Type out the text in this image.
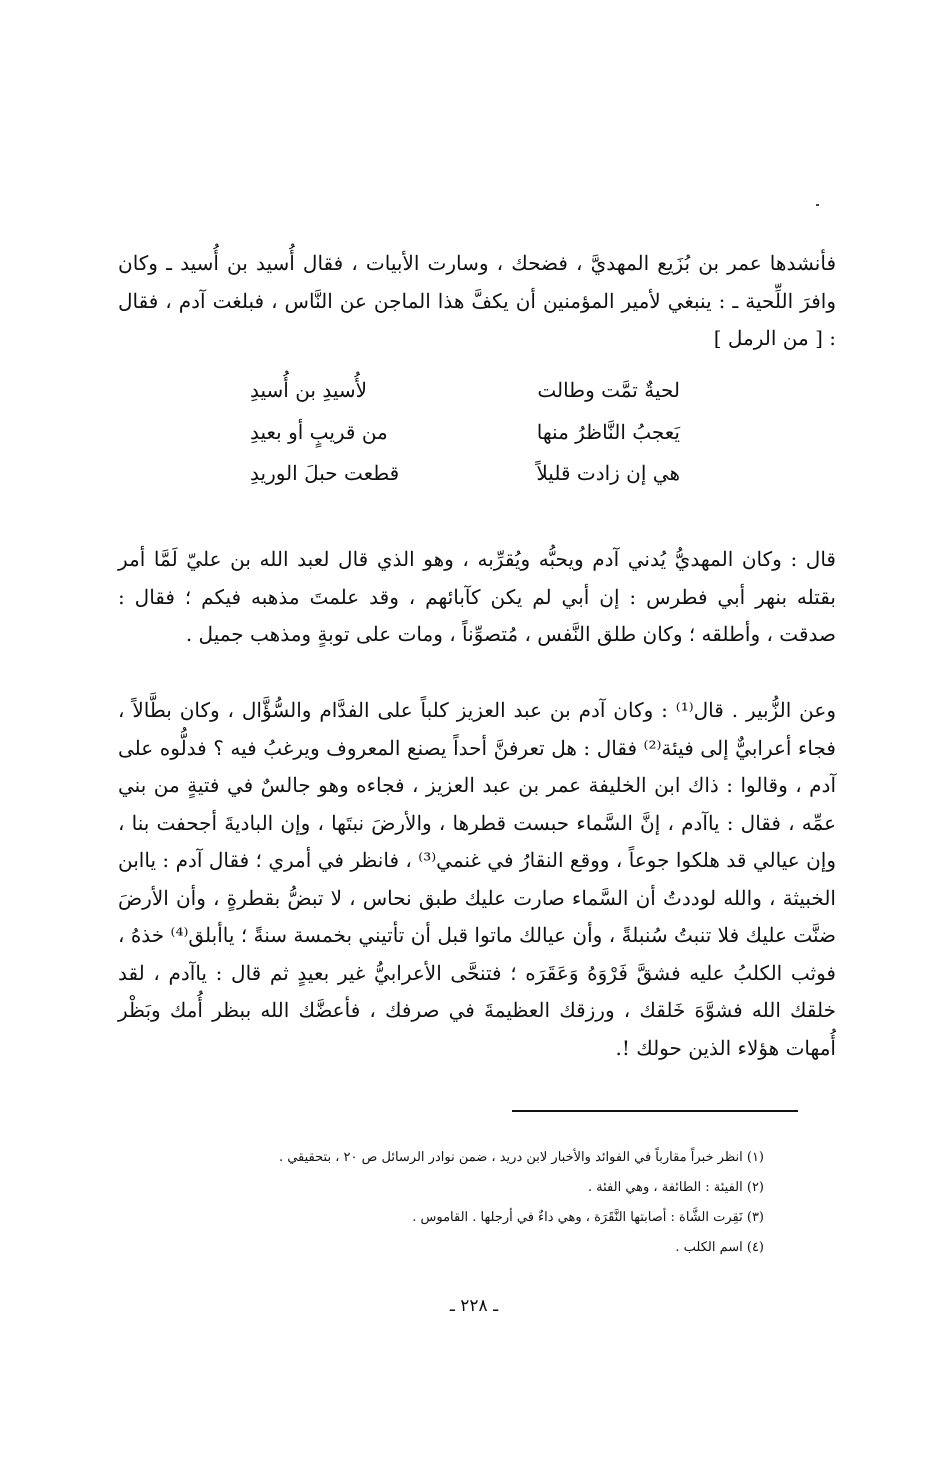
فأنشدها عمر بن بُزَيع المهديَّ ، فضحك ، وسارت الأبيات ، فقال أُسيد بن أُسيد ـ وكان وافرَ اللِّحية ـ : ينبغي لأمير المؤمنين أن يكفَّ هذا الماجن عن النَّاس ، فبلغت آدم ، فقال : [ من الرمل ]

لحيةٌ تمَّت وطالت
لأُسيدِ بن أُسيدِ
يَعجبُ النَّاظرُ منها
من قريبٍ أو بعيدِ
هي إن زادت قليلاً
قطعت حبلَ الوريدِ

قال : وكان المهديُّ يُدني آدم ويحبُّه ويُقرِّبه ، وهو الذي قال لعبد الله بن عليّ لَمَّا أمر بقتله بنهر أبي فطرس : إن أبي لم يكن كآبائهم ، وقد علمتَ مذهبه فيكم ؛ فقال : صدقت ، وأطلقه ؛ وكان طلق النَّفس ، مُتصوِّناً ، ومات على توبةٍ ومذهب جميل .

وعن الزُّبير . قال⁽¹⁾ : وكان آدم بن عبد العزيز كلباً على الفدَّام والسُّؤَّال ، وكان بطَّالاً ، فجاء أعرابيٌّ إلى فيئة⁽²⁾ فقال : هل تعرفنَّ أحداً يصنع المعروف ويرغبُ فيه ؟ فدلُّوه على آدم ، وقالوا : ذاك ابن الخليفة عمر بن عبد العزيز ، فجاءه وهو جالسٌ في فتيةٍ من بني عمِّه ، فقال : ياآدم ، إنَّ السَّماء حبست قطرها ، والأرضَ نبتَها ، وإن الباديةَ أجحفت بنا ، وإن عيالي قد هلكوا جوعاً ، ووقع النقارُ في غنمي⁽³⁾ ، فانظر في أمري ؛ فقال آدم : ياابن الخبيثة ، والله لوددتُ أن السَّماء صارت عليك طبق نحاس ، لا تبضُّ بقطرةٍ ، وأن الأرضَ ضنَّت عليك فلا تنبتُ سُنبلةً ، وأن عيالك ماتوا قبل أن تأتيني بخمسة سنةً ؛ ياأبلق⁽⁴⁾ خذهُ ، فوثب الكلبُ عليه فشقَّ فَرْوَهُ وَعَقَرَه ؛ فتنحَّى الأعرابيُّ غير بعيدٍ ثم قال : ياآدم ، لقد خلقك الله فشوَّهَ خَلقك ، ورزقك العظيمةَ في صرفك ، فأعضَّك الله ببظر أُمك وبَظْر أُمهات هؤلاء الذين حولك !.

(١) انظر خبراً مقارباً في الفوائد والأخبار لابن دريد ، ضمن نوادر الرسائل ص ٢٠ ، بتحقيقي .
(٢) الفيئة : الطائفة ، وهي الفئة .
(٣) نَقِرت الشَّاة : أصابتها النَّقَرَة ، وهي داءٌ في أرجلها . القاموس .
(٤) اسم الكلب .
ـ ٢٢٨ ـ
